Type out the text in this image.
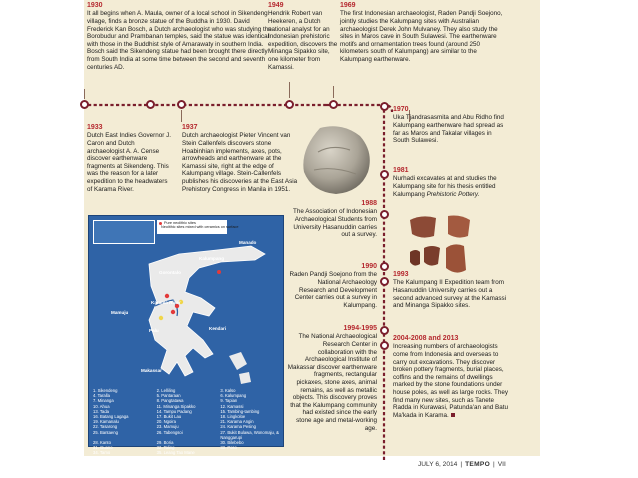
1930
It all begins when A. Maula, owner of a local school in Sikendeng village, finds a bronze statue of the Buddha in 1930. David Frederick Kan Bosch, a Dutch archaeologist who was studying the Borobudur and Prambanan temples, said the statue was identical with those in the Buddhist style of Amarawaty in southern India. Bosch said the Sikendeng statue had been brought there directly from South India at some time between the second and seventh centuries AD.
1949
Hendrik Robert van Heekeren, a Dutch national analyst for an Indonesian prehistoric expedition, discovers the Minanga Sipakko site, one kilometer from Kamassi.
1969
The first Indonesian archaeologist, Raden Pandji Soejono, jointly studies the Kalumpang sites with Australian archaeologist Derek John Mulvaney. They also study the sites in Maros cave in South Sulawesi. The earthenware motifs and ornamentation trees found (around 250 kilometers south of Kalumpang) are similar to the Kalumpang earthenware.
1933
Dutch East Indies Governor J. Caron and Dutch archaeologist A. A. Cense discover earthenware fragments at Sikendeng. This was the reason for a later expedition to the headwaters of Karama River.
1937
Dutch archaeologist Pieter Vincent van Stein Callenfels discovers stone Hoabinhian implements, axes, pots, arrowheads and earthenware at the Kamassi site, right at the edge of Kalumpang village. Stein-Callenfels publishes his discoveries at the East Asia Prehistory Congress in Manila in 1951.
1970
Uka Tjandrasasmita and Abu Ridho find Kalumpang earthenware had spread as far as Maros and Takalar villages in South Sulawesi.
1981
Nurhadi excavates at and studies the Kalumpang site for his thesis entitled Kalumpang Prehistoric Pottery.
1988
The Association of Indonesian Archaeological Students from University Hasanuddin carries out a survey.
1990
Raden Pandji Soejono from the National Archaeology Research and Development Center carries out a survey in Kalumpang.
1993
The Kalumpang II Expedition team from Hasanuddin University carries out a second advanced survey at the Kamassi and Minanga Sipakko sites.
1994-1995
The National Archaeological Research Center in collaboration with the Archaeological Institute of Makassar discover earthenware fragments, rectangular pickaxes, stone axes, animal remains, as well as metallic objects. This discovery proves that the Kalumpang community had existed since the early stone age and metal-working age.
2004-2008 and 2013
Increasing numbers of archaeologists come from Indonesia and overseas to carry out excavations. They discover broken pottery fragments, burial places, coffins and the remains of dwellings marked by the stone foundations under house poles, as well as large rocks. They find many new sites, such as Tanete Radda in Kurawasi, Patunda'an and Batu Ma'kada in Karama.
Pure neolithic sites
Neolithic sites mixed with ceramics on surface
Manado
Gorontalo
Kalumpang
Karama River
Mamuju
Palu	Kendari
Makassar
1. Sikendeng	2. Lelliling	3. Kalso
4. Taralla	5. Pantaraan	6. Kalumpang
7. Minanga	8. Pangtatawa	9. Tapian
10. Ahua	11. Minanga Sipakko	12. Kamassi
13. Tada	14. Tampu Padang	15. Tambing-tambing
16. Batang Lagaga	17. Bukit Lau	18. Lingkoloe
19. Kamanalu	20. Ngoira	21. Karama Angin
22. Tasarong	23. Mamuju	24. Karama Pesing
25. Bantaeng	26. Tabengsoi	27. Bukit Bulawa, Wonomaju, & Nanggarupi
28. Kanto	29. Boria	30. Bilebebo
31. Guano	32. Toling	33. Poso
34. Tamo	35. Leang Tao Mane
JULY 6, 2014 | TEMPO | VII
